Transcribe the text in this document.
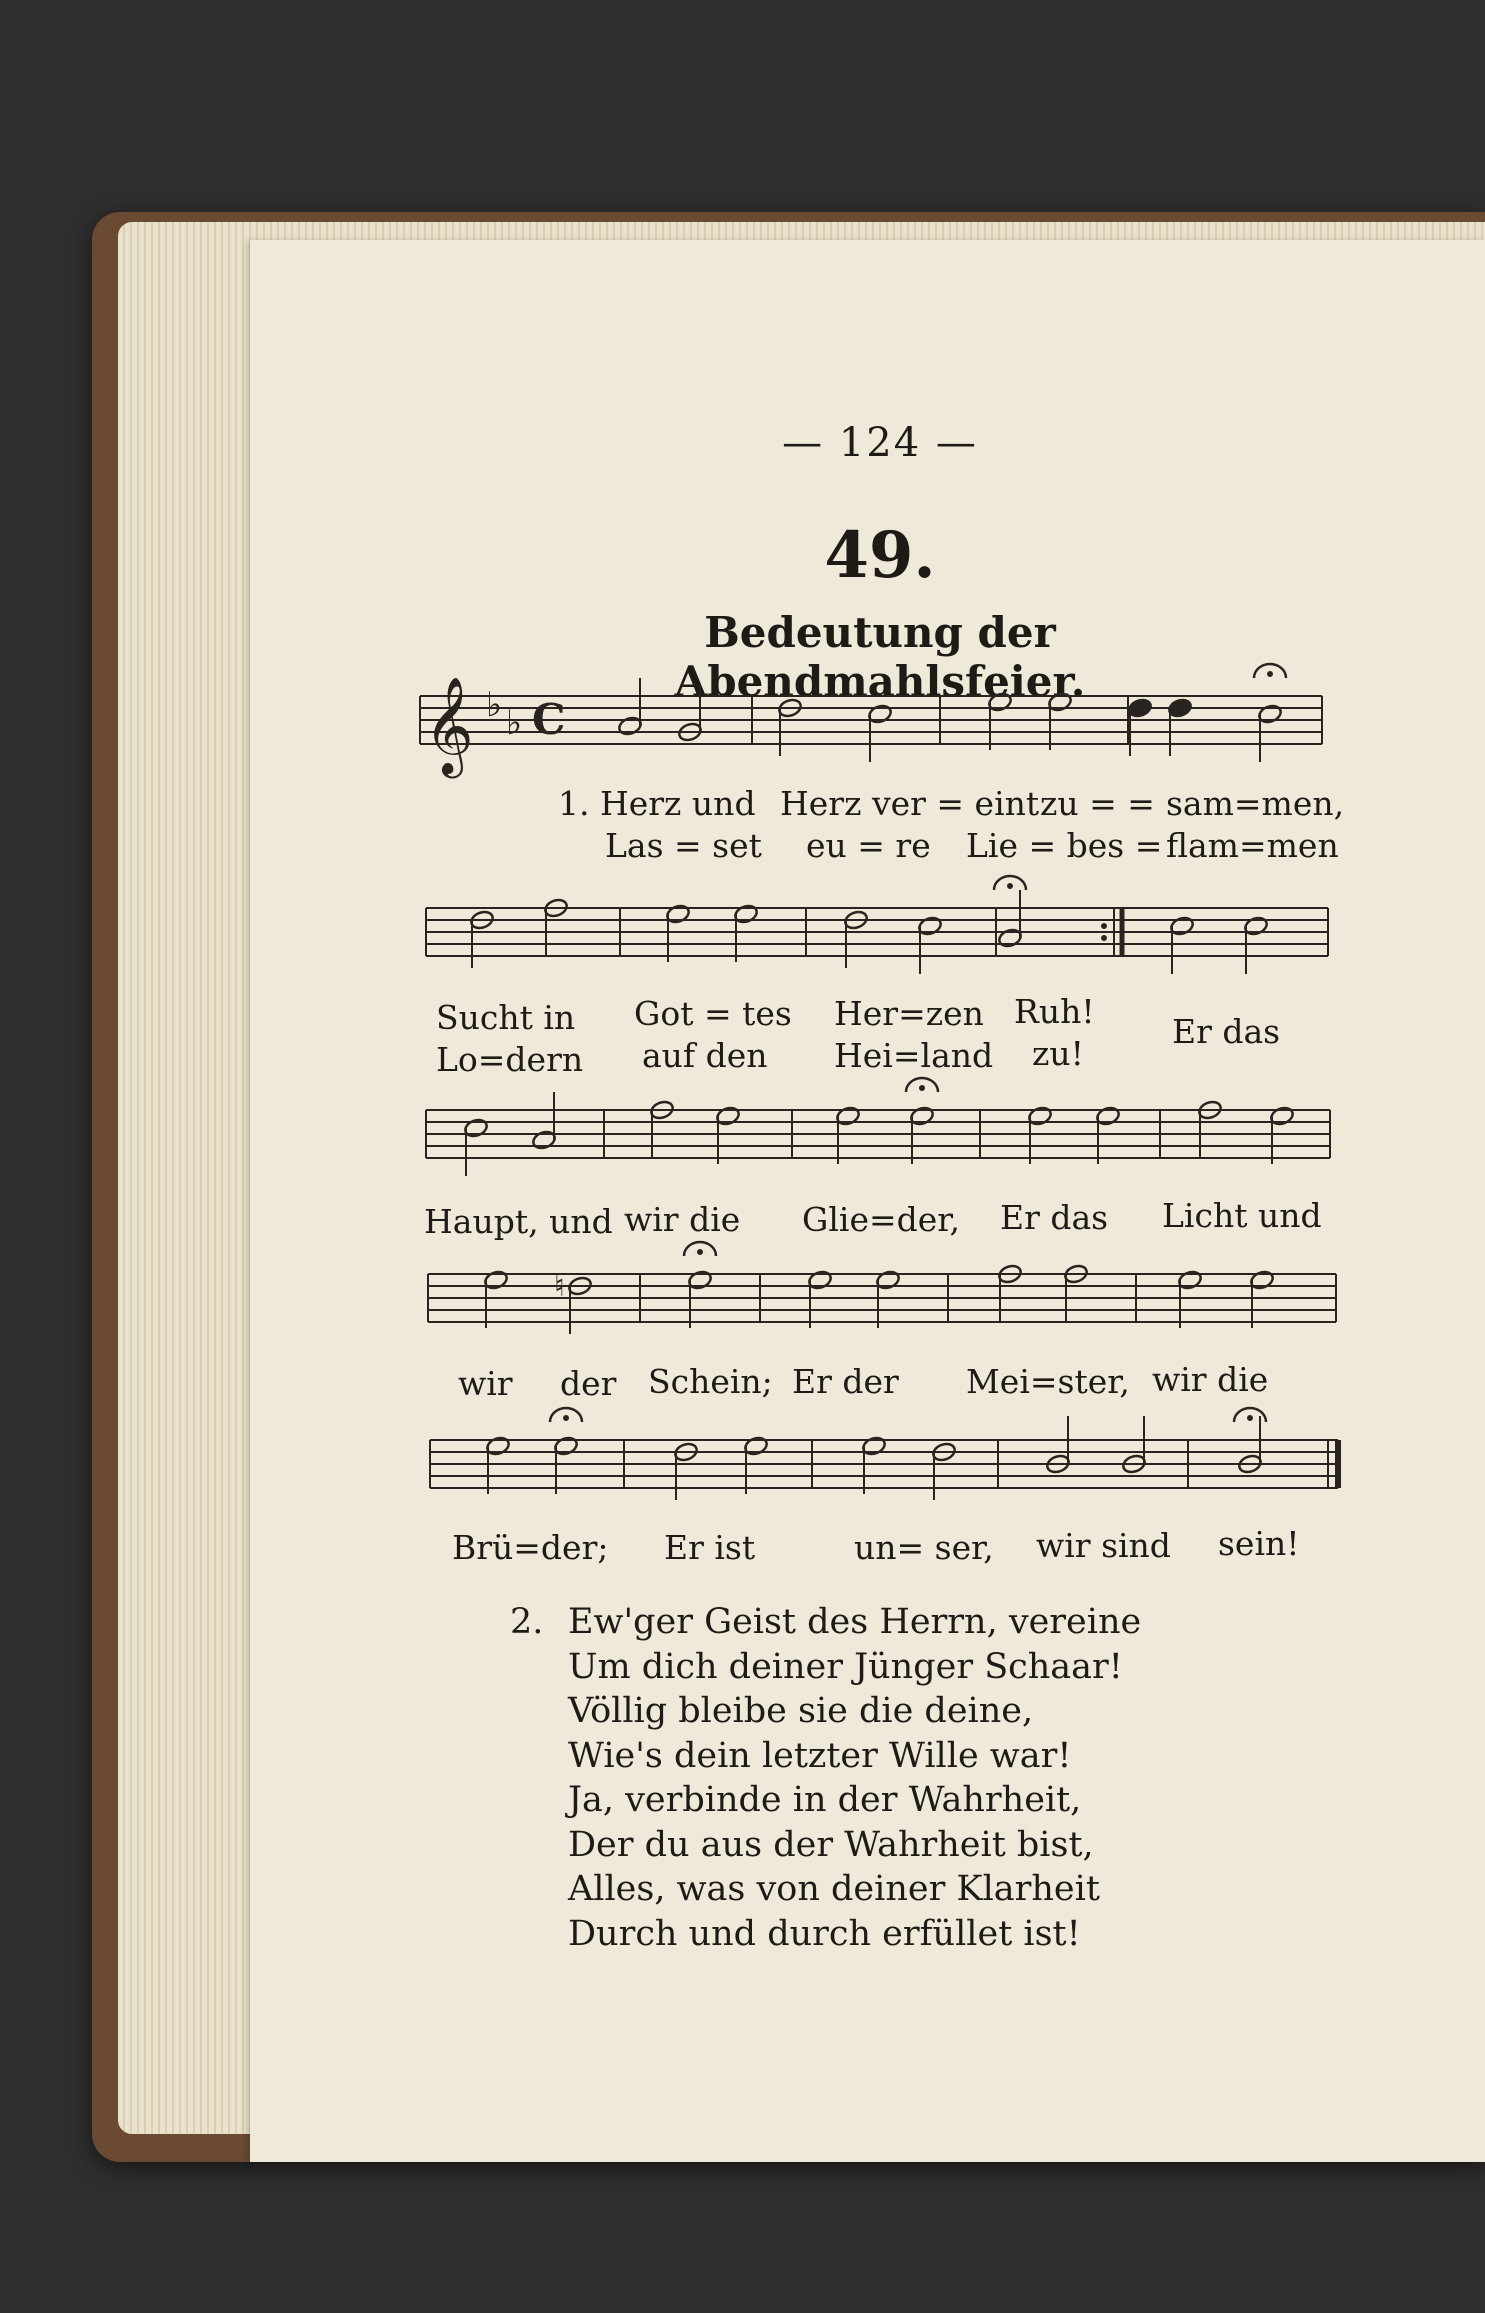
— 124 —
49.
Bedeutung der Abendmahlsfeier.
♮
𝄞 ♭ ♭ C
1. Herz und Herz ver = eint zu = = sam=men,
Las = set eu = re Lie = bes = flam=men
Sucht in Got = tes Her=zen Ruh!
Er das
Lo=dern auf den Hei=land zu!
Haupt, und wir die Glie=der, Er das Licht und
wir der Schein; Er der Mei=ster, wir die
Brü=der; Er ist	un= ser, wir sind sein!
2. Ew'ger Geist des Herrn, vereine
Um dich deiner Jünger Schaar!
Völlig bleibe sie die deine,
Wie's dein letzter Wille war!
Ja, verbinde in der Wahrheit,
Der du aus der Wahrheit bist,
Alles, was von deiner Klarheit
Durch und durch erfüllet ist!
